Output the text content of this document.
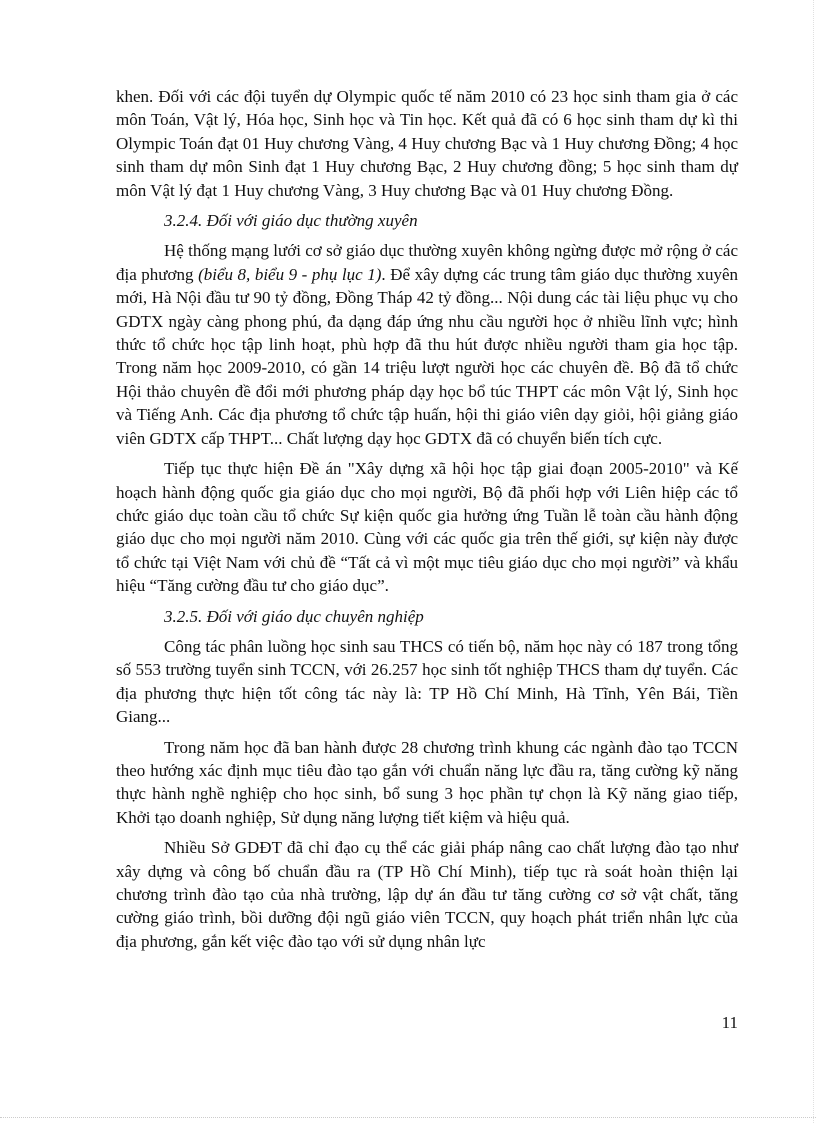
khen. Đối với các đội tuyển dự Olympic quốc tế năm 2010 có 23 học sinh tham gia ở các môn Toán, Vật lý, Hóa học, Sinh học và Tin học. Kết quả đã có 6 học sinh tham dự kì thi Olympic Toán đạt 01 Huy chương Vàng, 4 Huy chương Bạc và 1 Huy chương Đồng; 4 học sinh tham dự môn Sinh đạt 1 Huy chương Bạc, 2 Huy chương đồng; 5 học sinh tham dự môn Vật lý đạt 1 Huy chương Vàng, 3 Huy chương Bạc và 01 Huy chương Đồng.

3.2.4. Đối với giáo dục thường xuyên

Hệ thống mạng lưới cơ sở giáo dục thường xuyên không ngừng được mở rộng ở các địa phương (biểu 8, biểu 9 - phụ lục 1). Để xây dựng các trung tâm giáo dục thường xuyên mới, Hà Nội đầu tư 90 tỷ đồng, Đồng Tháp 42 tỷ đồng... Nội dung các tài liệu phục vụ cho GDTX ngày càng phong phú, đa dạng đáp ứng nhu cầu người học ở nhiều lĩnh vực; hình thức tổ chức học tập linh hoạt, phù hợp đã thu hút được nhiều người tham gia học tập. Trong năm học 2009-2010, có gần 14 triệu lượt người học các chuyên đề. Bộ đã tổ chức Hội thảo chuyên đề đổi mới phương pháp dạy học bổ túc THPT các môn Vật lý, Sinh học và Tiếng Anh. Các địa phương tổ chức tập huấn, hội thi giáo viên dạy giỏi, hội giảng giáo viên GDTX cấp THPT... Chất lượng dạy học GDTX đã có chuyển biến tích cực.

Tiếp tục thực hiện Đề án "Xây dựng xã hội học tập giai đoạn 2005-2010" và Kế hoạch hành động quốc gia giáo dục cho mọi người, Bộ đã phối hợp với Liên hiệp các tổ chức giáo dục toàn cầu tổ chức Sự kiện quốc gia hưởng ứng Tuần lễ toàn cầu hành động giáo dục cho mọi người năm 2010. Cùng với các quốc gia trên thế giới, sự kiện này được tổ chức tại Việt Nam với chủ đề “Tất cả vì một mục tiêu giáo dục cho mọi người” và khẩu hiệu “Tăng cường đầu tư cho giáo dục”.

3.2.5. Đối với giáo dục chuyên nghiệp

Công tác phân luồng học sinh sau THCS có tiến bộ, năm học này có 187 trong tổng số 553 trường tuyển sinh TCCN, với 26.257 học sinh tốt nghiệp THCS tham dự tuyển. Các địa phương thực hiện tốt công tác này là: TP Hồ Chí Minh, Hà Tĩnh, Yên Bái, Tiền Giang...

Trong năm học đã ban hành được 28 chương trình khung các ngành đào tạo TCCN theo hướng xác định mục tiêu đào tạo gắn với chuẩn năng lực đầu ra, tăng cường kỹ năng thực hành nghề nghiệp cho học sinh, bổ sung 3 học phần tự chọn là Kỹ năng giao tiếp, Khởi tạo doanh nghiệp, Sử dụng năng lượng tiết kiệm và hiệu quả.

Nhiều Sở GDĐT đã chỉ đạo cụ thể các giải pháp nâng cao chất lượng đào tạo như xây dựng và công bố chuẩn đầu ra (TP Hồ Chí Minh), tiếp tục rà soát hoàn thiện lại chương trình đào tạo của nhà trường, lập dự án đầu tư tăng cường cơ sở vật chất, tăng cường giáo trình, bồi dưỡng đội ngũ giáo viên TCCN, quy hoạch phát triển nhân lực của địa phương, gắn kết việc đào tạo với sử dụng nhân lực

11
